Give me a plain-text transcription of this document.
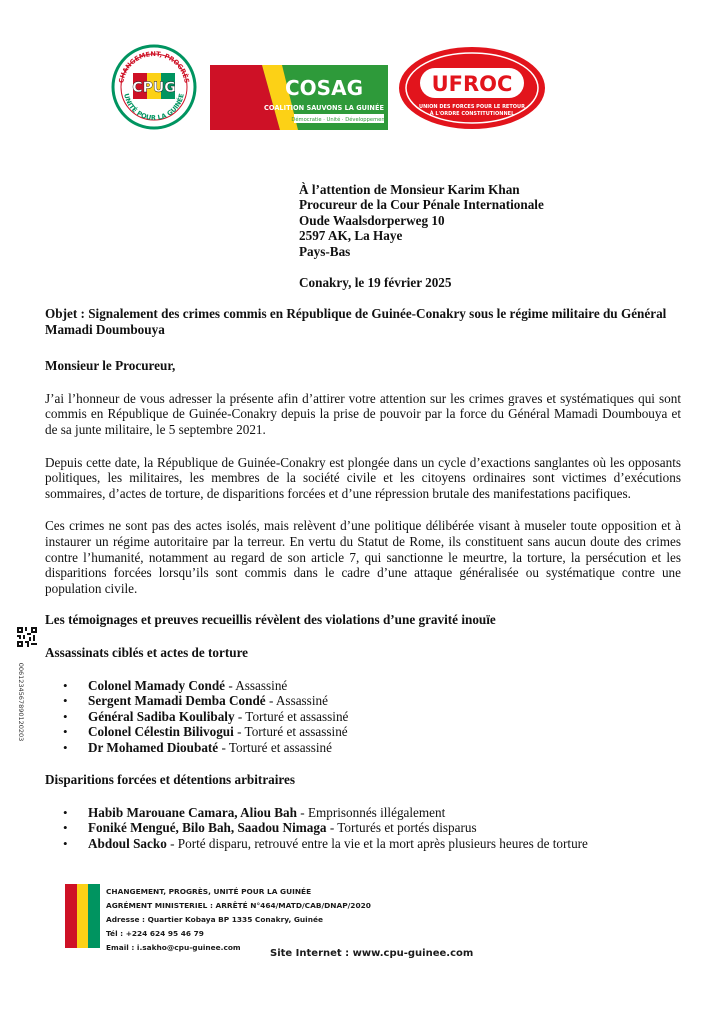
CPUG
CHANGEMENT, PROGRÈS
UNITÉ POUR LA GUINÉE	COSAG
COALITION SAUVONS LA GUINÉE
Démocratie · Unité · Développement
UFROC
UNION DES FORCES POUR LE RETOUR
À L'ORDRE CONSTITUTIONNEL
À l’attention de Monsieur Karim Khan
Procureur de la Cour Pénale Internationale
Oude Waalsdorperweg 10
2597 AK, La Haye
Pays-Bas
Conakry, le 19 février 2025
Objet : Signalement des crimes commis en République de Guinée-Conakry sous le régime militaire du Général Mamadi Doumbouya
Monsieur le Procureur,

J’ai l’honneur de vous adresser la présente afin d’attirer votre attention sur les crimes graves et systématiques qui sont commis en République de Guinée-Conakry depuis la prise de pouvoir par la force du Général Mamadi Doumbouya et de sa junte militaire, le 5 septembre 2021.

Depuis cette date, la République de Guinée-Conakry est plongée dans un cycle d’exactions sanglantes où les opposants politiques, les militaires, les membres de la société civile et les citoyens ordinaires sont victimes d’exécutions sommaires, d’actes de torture, de disparitions forcées et d’une répression brutale des manifestations pacifiques.

Ces crimes ne sont pas des actes isolés, mais relèvent d’une politique délibérée visant à museler toute opposition et à instaurer un régime autoritaire par la terreur. En vertu du Statut de Rome, ils constituent sans aucun doute des crimes contre l’humanité, notamment au regard de son article 7, qui sanctionne le meurtre, la torture, la persécution et les disparitions forcées lorsqu’ils sont commis dans le cadre d’une attaque généralisée ou systématique contre une population civile.

Les témoignages et preuves recueillis révèlent des violations d’une gravité inouïe
Assassinats ciblés et actes de torture
• Colonel Mamady Condé - Assassiné
• Sergent Mamadi Demba Condé - Assassiné
• Général Sadiba Koulibaly - Torturé et assassiné
• Colonel Célestin Bilivogui - Torturé et assassiné
• Dr Mohamed Dioubaté - Torturé et assassiné
Disparitions forcées et détentions arbitraires
• Habib Marouane Camara, Aliou Bah - Emprisonnés illégalement
• Foniké Mengué, Bilo Bah, Saadou Nimaga - Torturés et portés disparus
• Abdoul Sacko - Porté disparu, retrouvé entre la vie et la mort après plusieurs heures de torture
0061234567890120203
CHANGEMENT, PROGRÈS, UNITÉ POUR LA GUINÉE
AGRÉMENT MINISTERIEL : ARRÊTÉ N°464/MATD/CAB/DNAP/2020
Adresse : Quartier Kobaya BP 1335 Conakry, Guinée
Tél : +224 624 95 46 79
Email : i.sakho@cpu-guinee.com
Site Internet : www.cpu-guinee.com
